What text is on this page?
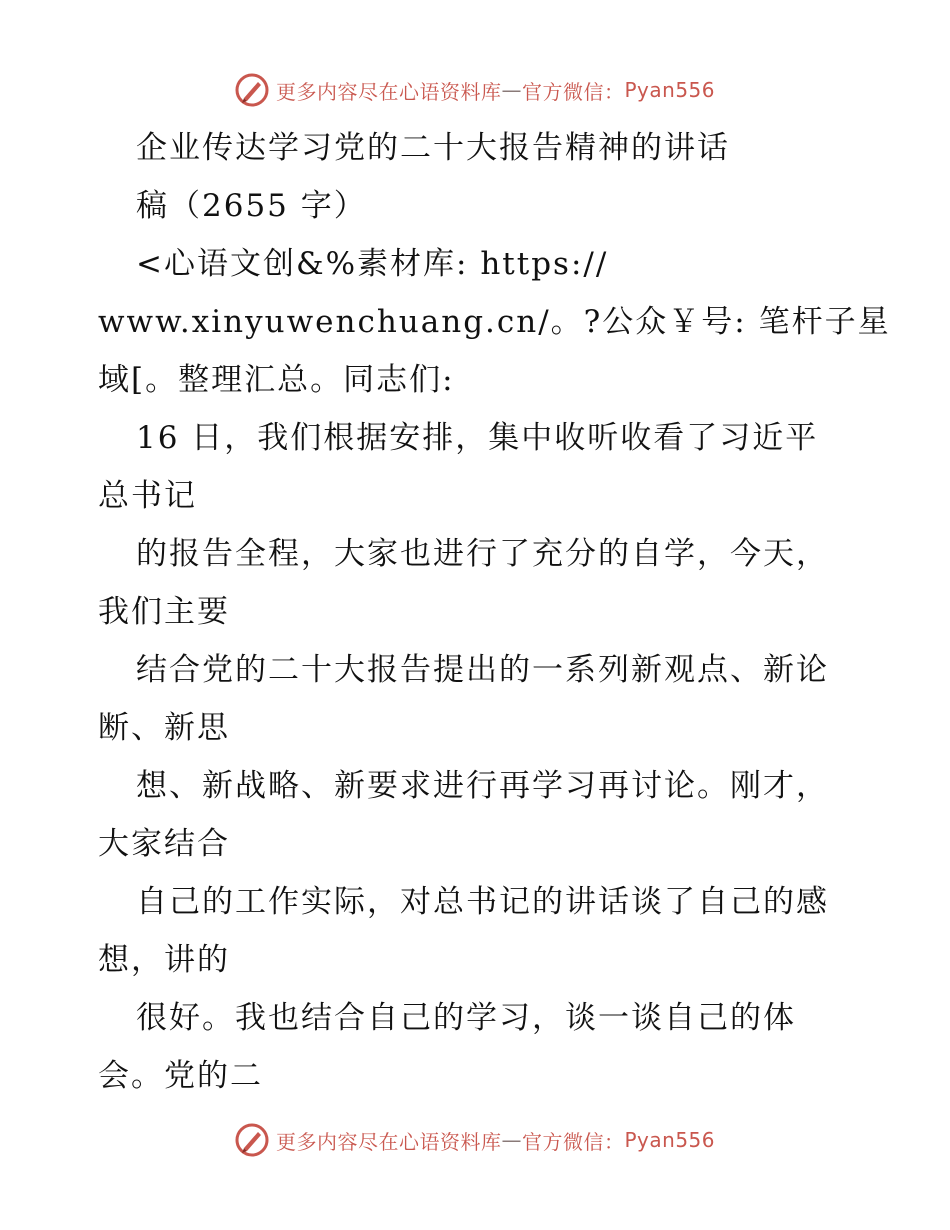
更多内容尽在心语资料库 — 官方微信： Pyan556
企业传达学习党的二十大报告精神的讲话
稿（2655 字）
<心语文创&%素材库: https://
www.xinyuwenchuang.cn/。?公众￥号: 笔杆子星
域[。整理汇总。同志们:
16 日，我们根据安排，集中收听收看了习近平
总书记
的报告全程，大家也进行了充分的自学，今天，
我们主要
结合党的二十大报告提出的一系列新观点、新论
断、新思
想、新战略、新要求进行再学习再讨论。刚才，
大家结合
自己的工作实际，对总书记的讲话谈了自己的感
想，讲的
很好。我也结合自己的学习，谈一谈自己的体
会。党的二
更多内容尽在心语资料库 — 官方微信： Pyan556
